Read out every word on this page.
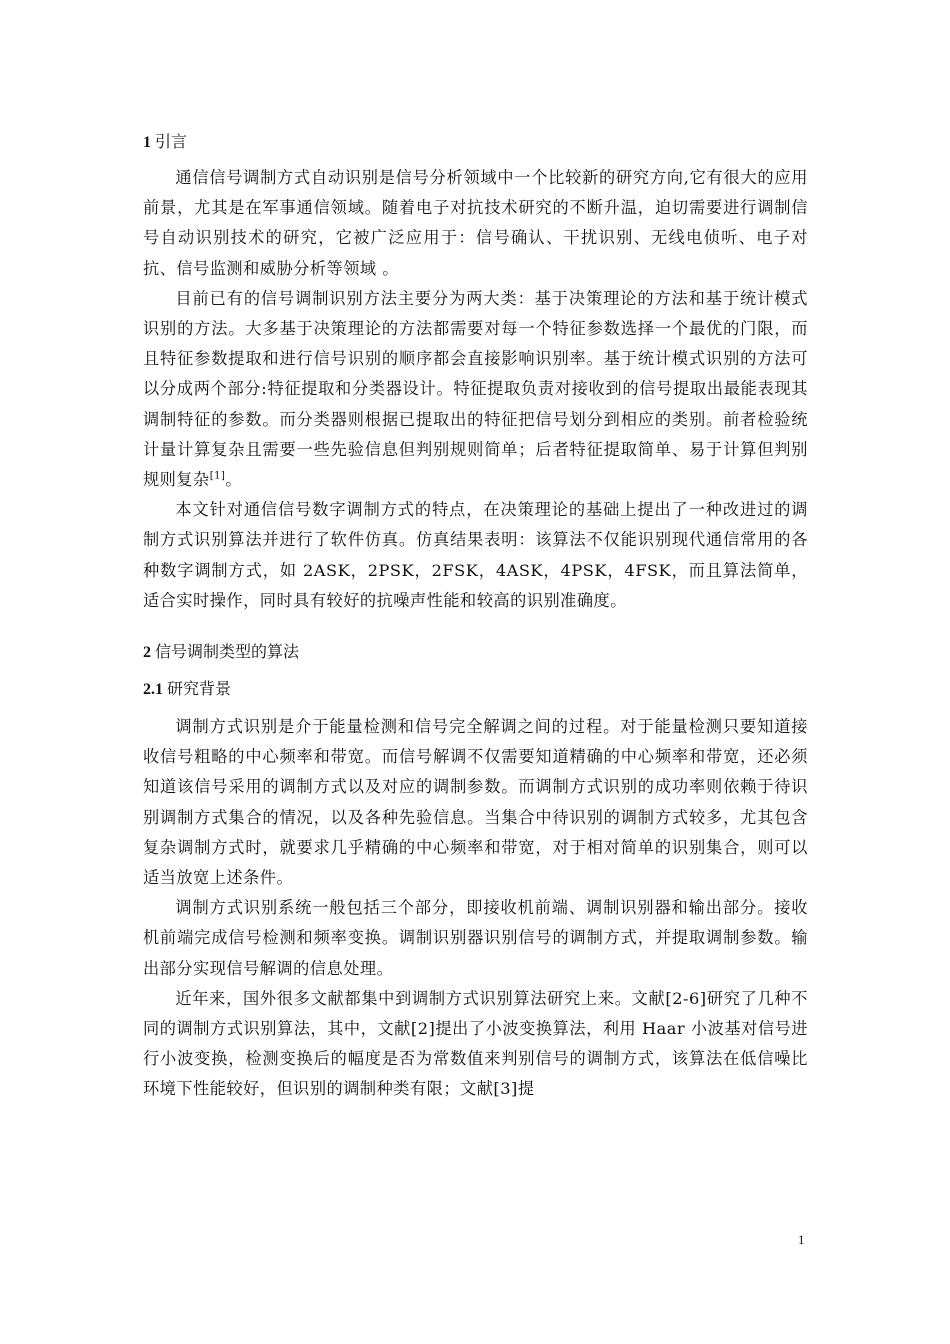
1 引言

通信信号调制方式自动识别是信号分析领域中一个比较新的研究方向,它有很大的应用前景，尤其是在军事通信领域。随着电子对抗技术研究的不断升温，迫切需要进行调制信号自动识别技术的研究，它被广泛应用于：信号确认、干扰识别、无线电侦听、电子对抗、信号监测和威胁分析等领域 。

目前已有的信号调制识别方法主要分为两大类：基于决策理论的方法和基于统计模式识别的方法。大多基于决策理论的方法都需要对每一个特征参数选择一个最优的门限，而且特征参数提取和进行信号识别的顺序都会直接影响识别率。基于统计模式识别的方法可以分成两个部分:特征提取和分类器设计。特征提取负责对接收到的信号提取出最能表现其调制特征的参数。而分类器则根据已提取出的特征把信号划分到相应的类别。前者检验统计量计算复杂且需要一些先验信息但判别规则简单；后者特征提取简单、易于计算但判别规则复杂[1]。

本文针对通信信号数字调制方式的特点，在决策理论的基础上提出了一种改进过的调制方式识别算法并进行了软件仿真。仿真结果表明：该算法不仅能识别现代通信常用的各种数字调制方式，如 2ASK，2PSK，2FSK，4ASK，4PSK，4FSK，而且算法简单，适合实时操作，同时具有较好的抗噪声性能和较高的识别准确度。

2 信号调制类型的算法
2.1 研究背景

调制方式识别是介于能量检测和信号完全解调之间的过程。对于能量检测只要知道接收信号粗略的中心频率和带宽。而信号解调不仅需要知道精确的中心频率和带宽，还必须知道该信号采用的调制方式以及对应的调制参数。而调制方式识别的成功率则依赖于待识别调制方式集合的情况，以及各种先验信息。当集合中待识别的调制方式较多，尤其包含复杂调制方式时，就要求几乎精确的中心频率和带宽，对于相对简单的识别集合，则可以适当放宽上述条件。

调制方式识别系统一般包括三个部分，即接收机前端、调制识别器和输出部分。接收机前端完成信号检测和频率变换。调制识别器识别信号的调制方式，并提取调制参数。输出部分实现信号解调的信息处理。

近年来，国外很多文献都集中到调制方式识别算法研究上来。文献[2-6]研究了几种不同的调制方式识别算法，其中，文献[2]提出了小波变换算法，利用 Haar 小波基对信号进行小波变换，检测变换后的幅度是否为常数值来判别信号的调制方式，该算法在低信噪比环境下性能较好，但识别的调制种类有限；文献[3]提

1
